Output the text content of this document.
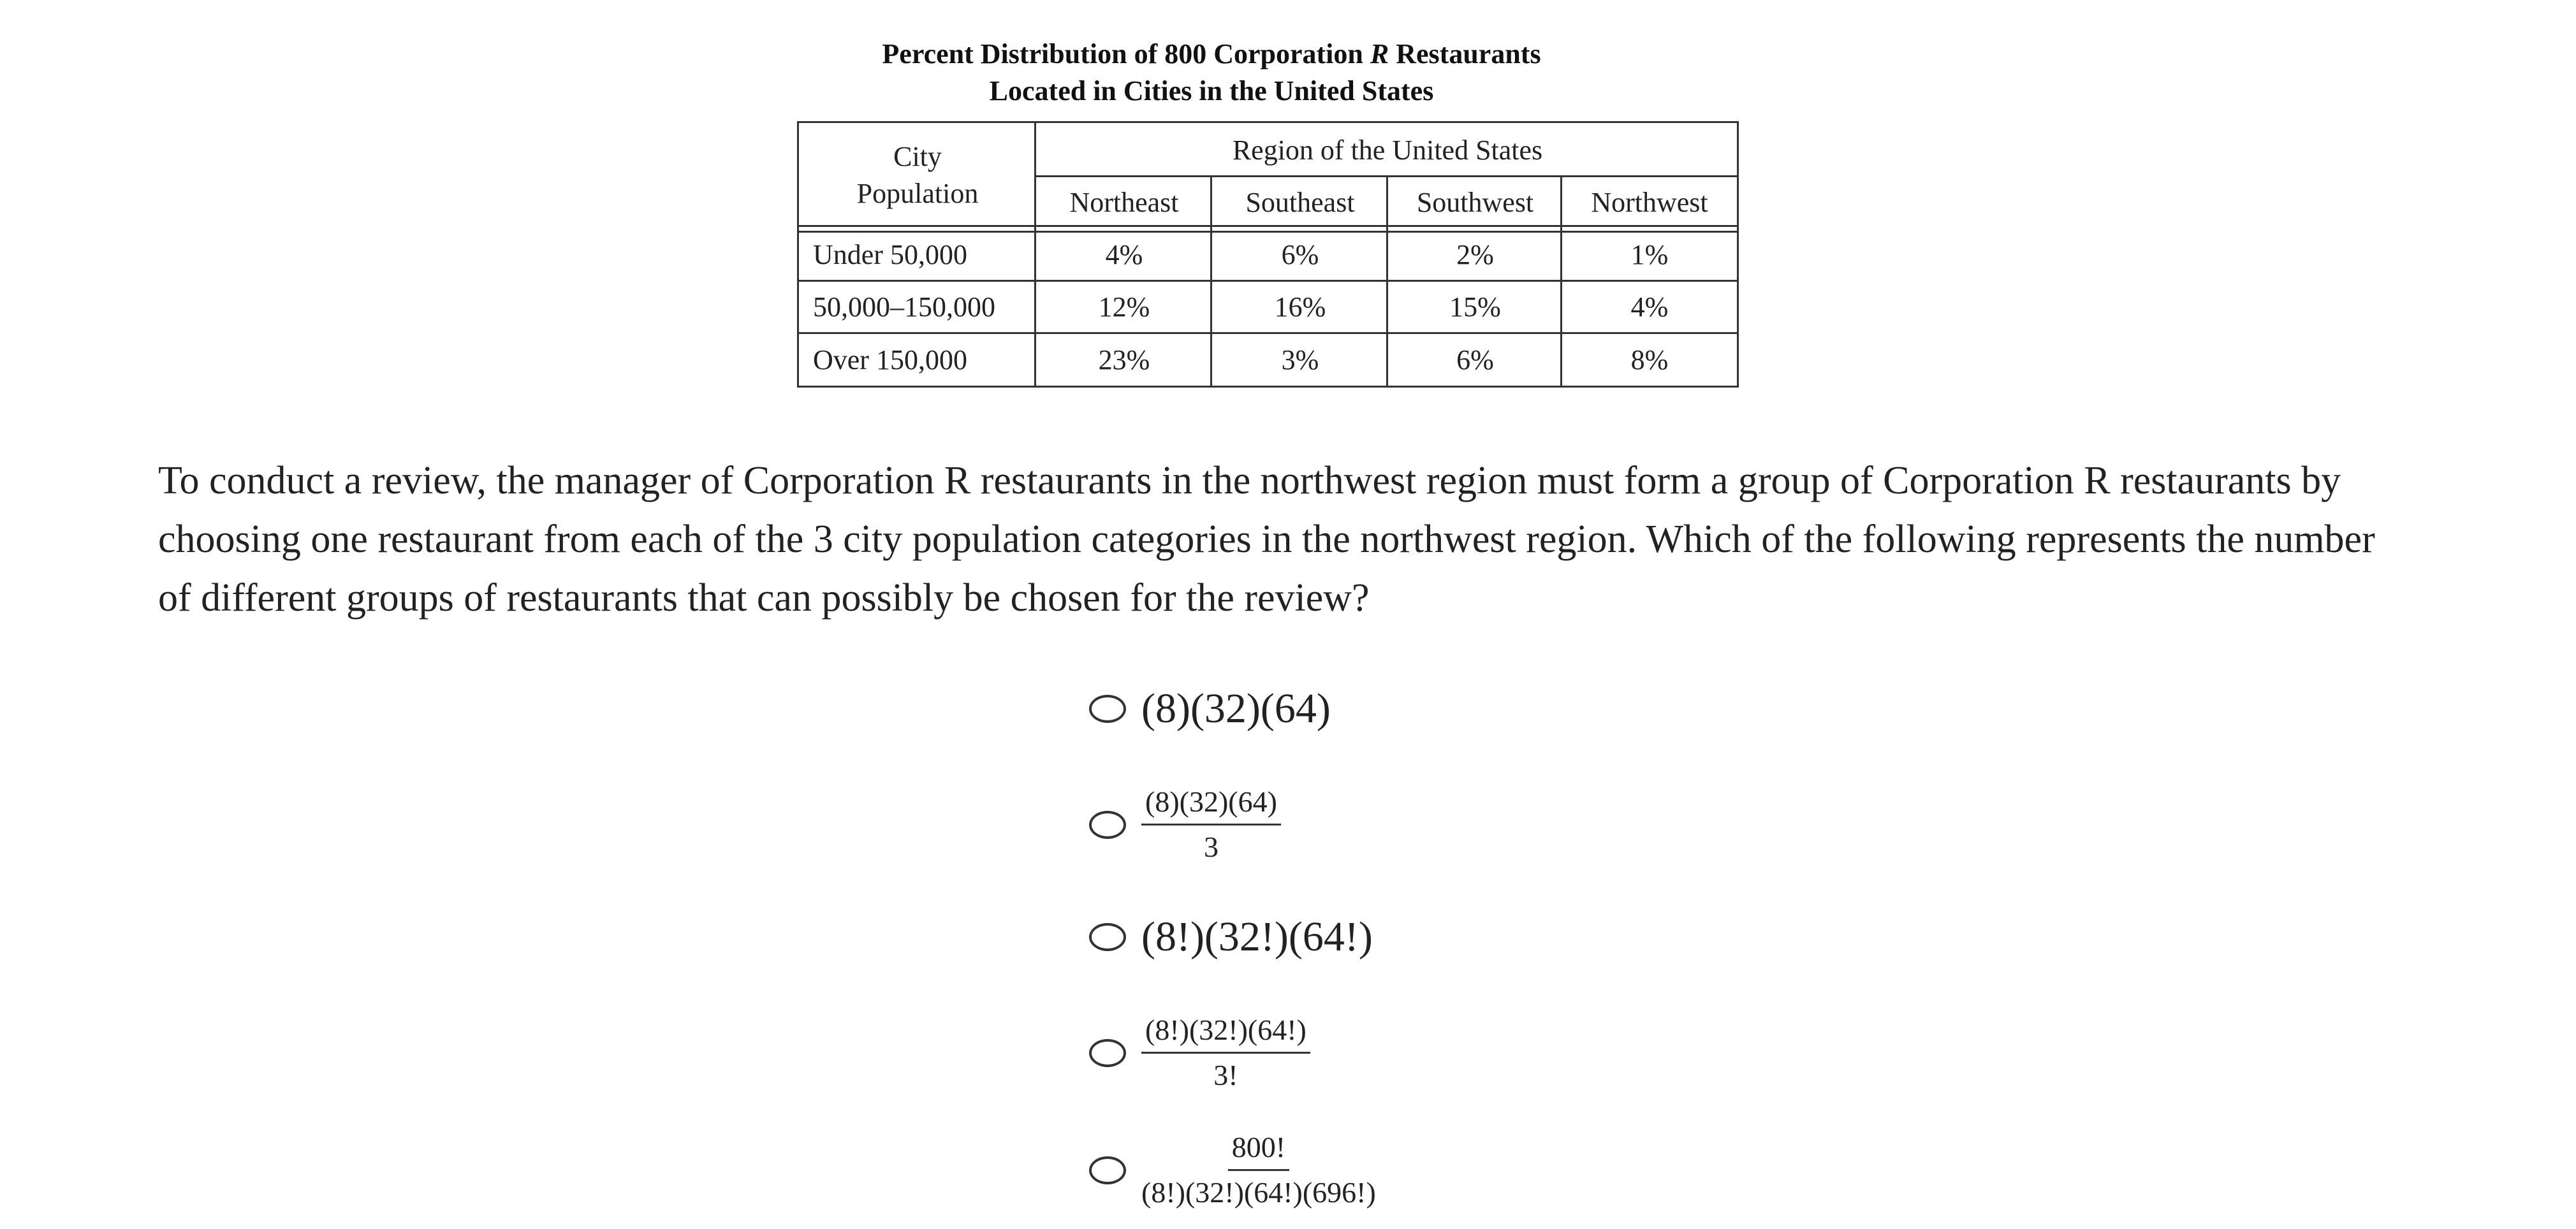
Percent Distribution of 800 Corporation R Restaurants
Located in Cities in the United States
City
Population
Region of the United States
Northeast	Southeast	Southwest	Northwest
Under 50,000	4%	6%	2%	1%
50,000–150,000	12%	16%	15%	4%
Over 150,000	23%	3%	6%	8%
To conduct a review, the manager of Corporation R restaurants in the northwest region must form a group of Corporation R restaurants by choosing one restaurant from each of the 3 city population categories in the northwest region. Which of the following represents the number of different groups of restaurants that can possibly be chosen for the review?
(8)(32)(64)
$\frac{(8)(32)(64)}{3}$
(8!)(32!)(64!)
$\frac{(8!)(32!)(64!)}{3!}$
$\frac{800!}{(8!)(32!)(64!)(696!)}$
